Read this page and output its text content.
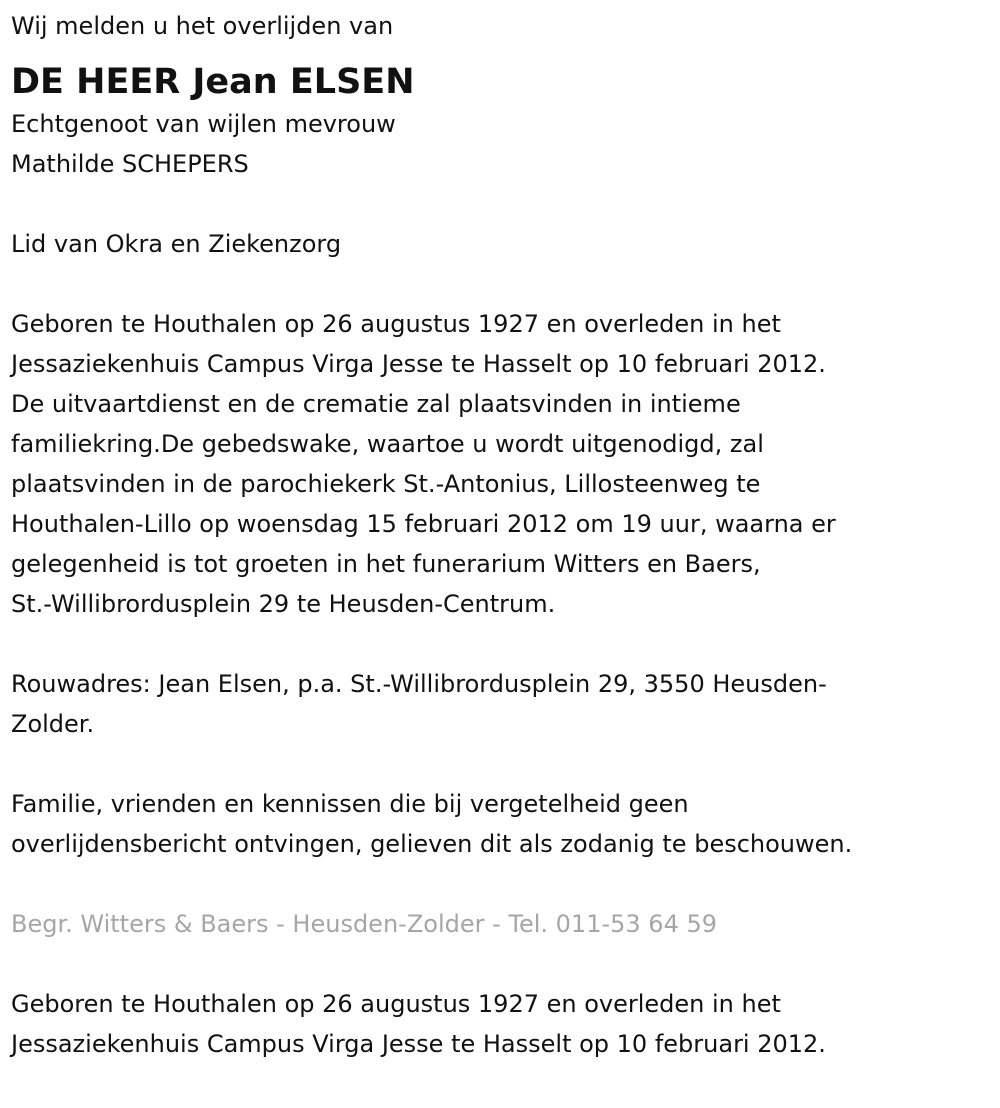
Wij melden u het overlijden van
DE HEER Jean ELSEN
Echtgenoot van wijlen mevrouw
Mathilde SCHEPERS
Lid van Okra en Ziekenzorg
Geboren te Houthalen op 26 augustus 1927 en overleden in het
Jessaziekenhuis Campus Virga Jesse te Hasselt op 10 februari 2012.
De uitvaartdienst en de crematie zal plaatsvinden in intieme
familiekring.De gebedswake, waartoe u wordt uitgenodigd, zal
plaatsvinden in de parochiekerk St.-Antonius, Lillosteenweg te
Houthalen-Lillo op woensdag 15 februari 2012 om 19 uur, waarna er
gelegenheid is tot groeten in het funerarium Witters en Baers,
St.-Willibrordusplein 29 te Heusden-Centrum.
Rouwadres: Jean Elsen, p.a. St.-Willibrordusplein 29, 3550 Heusden-
Zolder.
Familie, vrienden en kennissen die bij vergetelheid geen
overlijdensbericht ontvingen, gelieven dit als zodanig te beschouwen.
Begr. Witters & Baers - Heusden-Zolder - Tel. 011-53 64 59
Geboren te Houthalen op 26 augustus 1927 en overleden in het
Jessaziekenhuis Campus Virga Jesse te Hasselt op 10 februari 2012.
